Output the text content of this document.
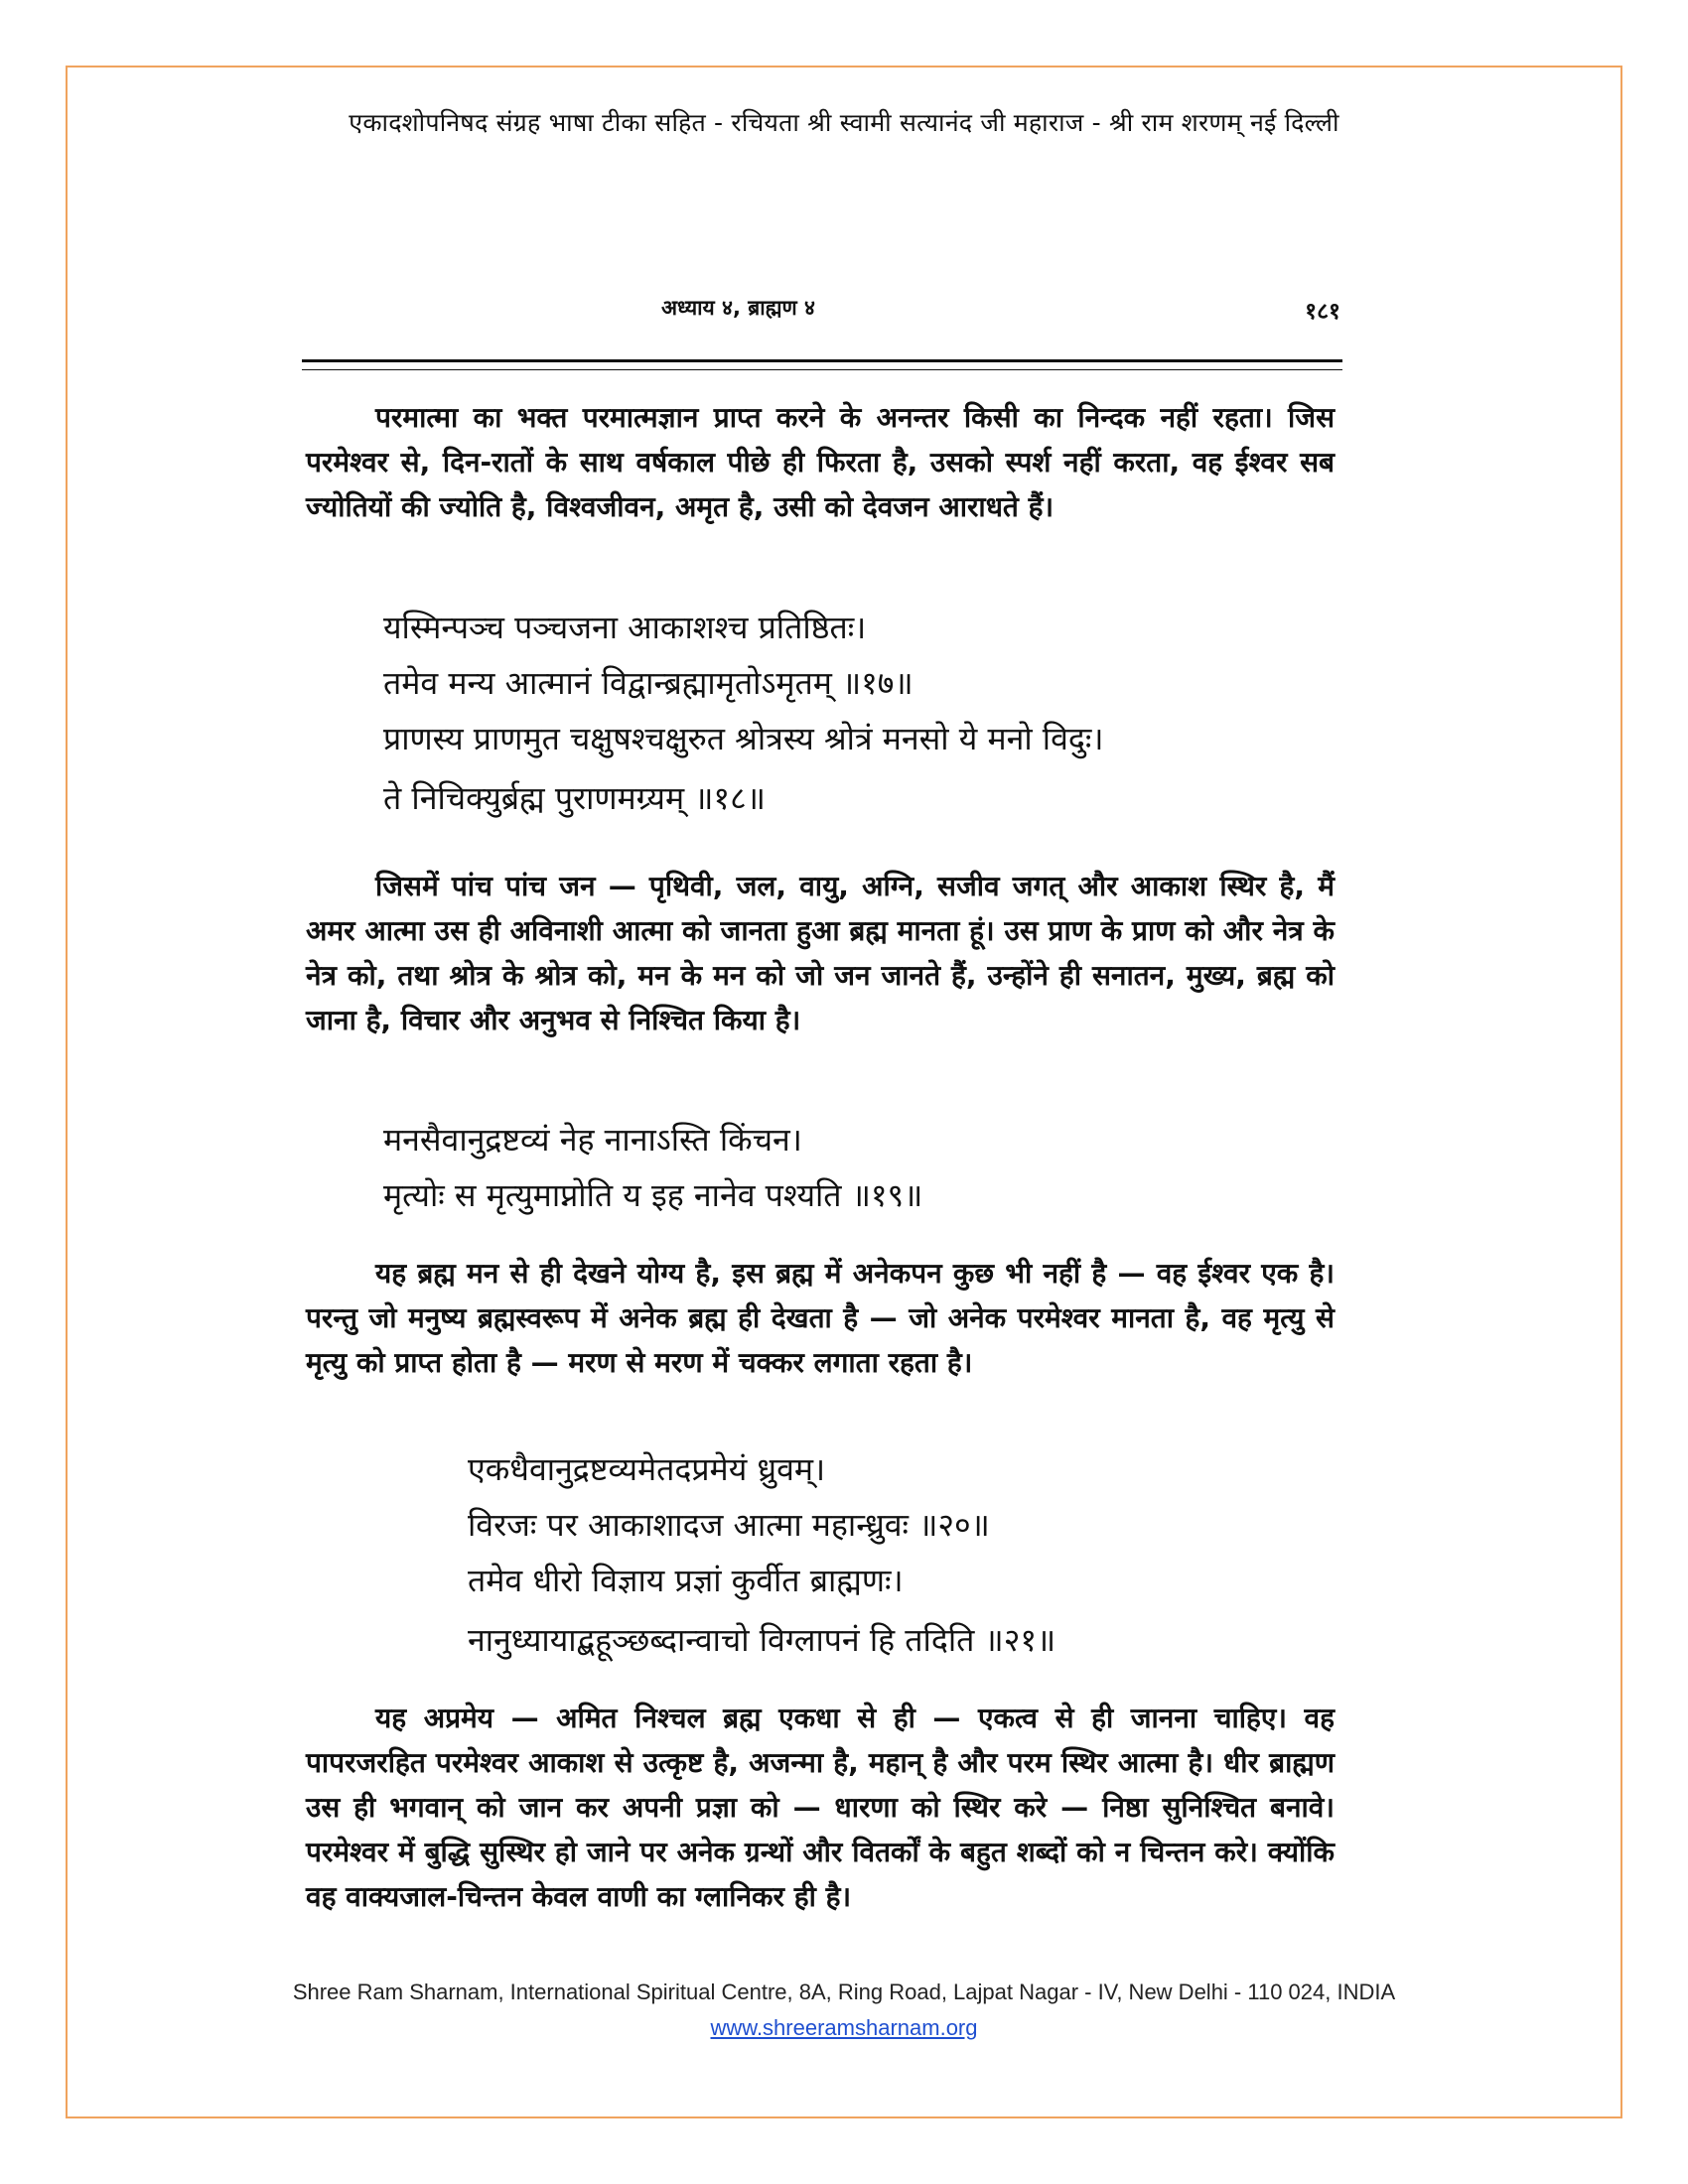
एकादशोपनिषद संग्रह भाषा टीका सहित - रचियता श्री स्वामी सत्यानंद जी महाराज - श्री राम शरणम् नई दिल्ली
अध्याय ४, ब्राह्मण ४	१८१
परमात्मा का भक्त परमात्मज्ञान प्राप्त करने के अनन्तर किसी का निन्दक नहीं रहता। जिस परमेश्वर से, दिन-रातों के साथ वर्षकाल पीछे ही फिरता है, उसको स्पर्श नहीं करता, वह ईश्वर सब ज्योतियों की ज्योति है, विश्वजीवन, अमृत है, उसी को देवजन आराधते हैं।
यस्मिन्पञ्च पञ्चजना आकाशश्च प्रतिष्ठितः।
तमेव मन्य आत्मानं विद्वान्ब्रह्मामृतोऽमृतम् ॥१७॥
प्राणस्य प्राणमुत चक्षुषश्चक्षुरुत श्रोत्रस्य श्रोत्रं मनसो ये मनो विदुः।
ते निचिक्युर्ब्रह्म पुराणमग्र्यम् ॥१८॥
जिसमें पांच पांच जन — पृथिवी, जल, वायु, अग्नि, सजीव जगत् और आकाश स्थिर है, मैं अमर आत्मा उस ही अविनाशी आत्मा को जानता हुआ ब्रह्म मानता हूं। उस प्राण के प्राण को और नेत्र के नेत्र को, तथा श्रोत्र के श्रोत्र को, मन के मन को जो जन जानते हैं, उन्होंने ही सनातन, मुख्य, ब्रह्म को जाना है, विचार और अनुभव से निश्चित किया है।
मनसैवानुद्रष्टव्यं नेह नानाऽस्ति किंचन।
मृत्योः स मृत्युमाप्नोति य इह नानेव पश्यति ॥१९॥
यह ब्रह्म मन से ही देखने योग्य है, इस ब्रह्म में अनेकपन कुछ भी नहीं है — वह ईश्वर एक है। परन्तु जो मनुष्य ब्रह्मस्वरूप में अनेक ब्रह्म ही देखता है — जो अनेक परमेश्वर मानता है, वह मृत्यु से मृत्यु को प्राप्त होता है — मरण से मरण में चक्कर लगाता रहता है।
एकधैवानुद्रष्टव्यमेतदप्रमेयं ध्रुवम्।
विरजः पर आकाशादज आत्मा महान्ध्रुवः ॥२०॥
तमेव धीरो विज्ञाय प्रज्ञां कुर्वीत ब्राह्मणः।
नानुध्यायाद्बहूञ्छब्दान्वाचो विग्लापनं हि तदिति ॥२१॥
यह अप्रमेय — अमित निश्चल ब्रह्म एकधा से ही — एकत्व से ही जानना चाहिए। वह पापरजरहित परमेश्वर आकाश से उत्कृष्ट है, अजन्मा है, महान् है और परम स्थिर आत्मा है। धीर ब्राह्मण उस ही भगवान् को जान कर अपनी प्रज्ञा को — धारणा को स्थिर करे — निष्ठा सुनिश्चित बनावे। परमेश्वर में बुद्धि सुस्थिर हो जाने पर अनेक ग्रन्थों और वितर्कों के बहुत शब्दों को न चिन्तन करे। क्योंकि वह वाक्यजाल-चिन्तन केवल वाणी का ग्लानिकर ही है।
Shree Ram Sharnam, International Spiritual Centre, 8A, Ring Road, Lajpat Nagar - IV, New Delhi - 110 024, INDIA
www.shreeramsharnam.org
